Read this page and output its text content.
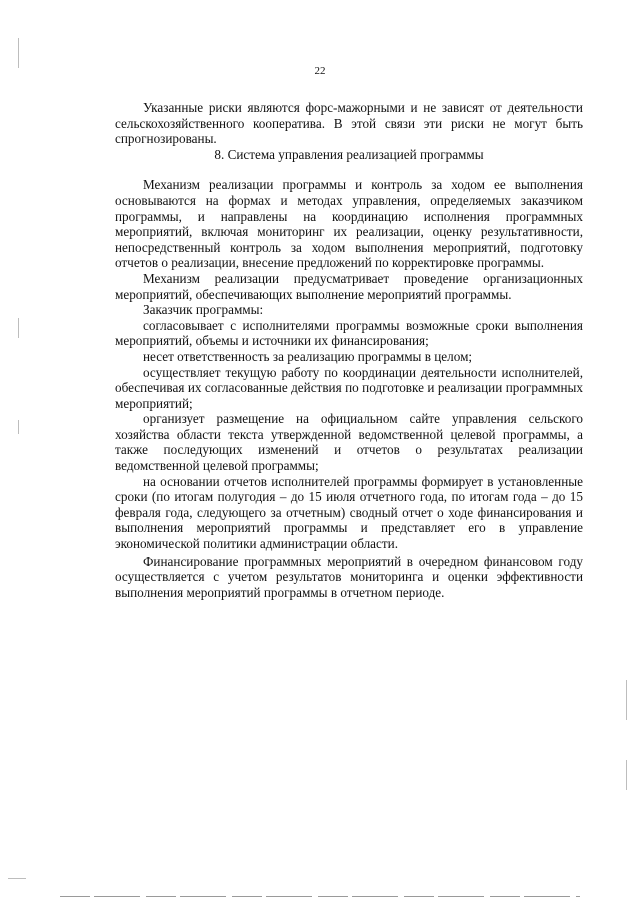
22

Указанные риски являются форс-мажорными и не зависят от деятельности сельскохозяйственного кооператива. В этой связи эти риски не могут быть спрогнозированы.

8. Система управления реализацией программы

Механизм реализации программы и контроль за ходом ее выполнения основываются на формах и методах управления, определяемых заказчиком программы, и направлены на координацию исполнения программных мероприятий, включая мониторинг их реализации, оценку результативности, непосредственный контроль за ходом выполнения мероприятий, подготовку отчетов о реализации, внесение предложений по корректировке программы.

Механизм реализации предусматривает проведение организационных мероприятий, обеспечивающих выполнение мероприятий программы.

Заказчик программы:

согласовывает с исполнителями программы возможные сроки выполнения мероприятий, объемы и источники их финансирования;

несет ответственность за реализацию программы в целом;

осуществляет текущую работу по координации деятельности исполнителей, обеспечивая их согласованные действия по подготовке и реализации программных мероприятий;

организует размещение на официальном сайте управления сельского хозяйства области текста утвержденной ведомственной целевой программы, а также последующих изменений и отчетов о результатах реализации ведомственной целевой программы;

на основании отчетов исполнителей программы формирует в установленные сроки (по итогам полугодия – до 15 июля отчетного года, по итогам года – до 15 февраля года, следующего за отчетным) сводный отчет о ходе финансирования и выполнения мероприятий программы и представляет его в управление экономической политики администрации области.

Финансирование программных мероприятий в очередном финансовом году осуществляется с учетом результатов мониторинга и оценки эффективности выполнения мероприятий программы в отчетном периоде.
